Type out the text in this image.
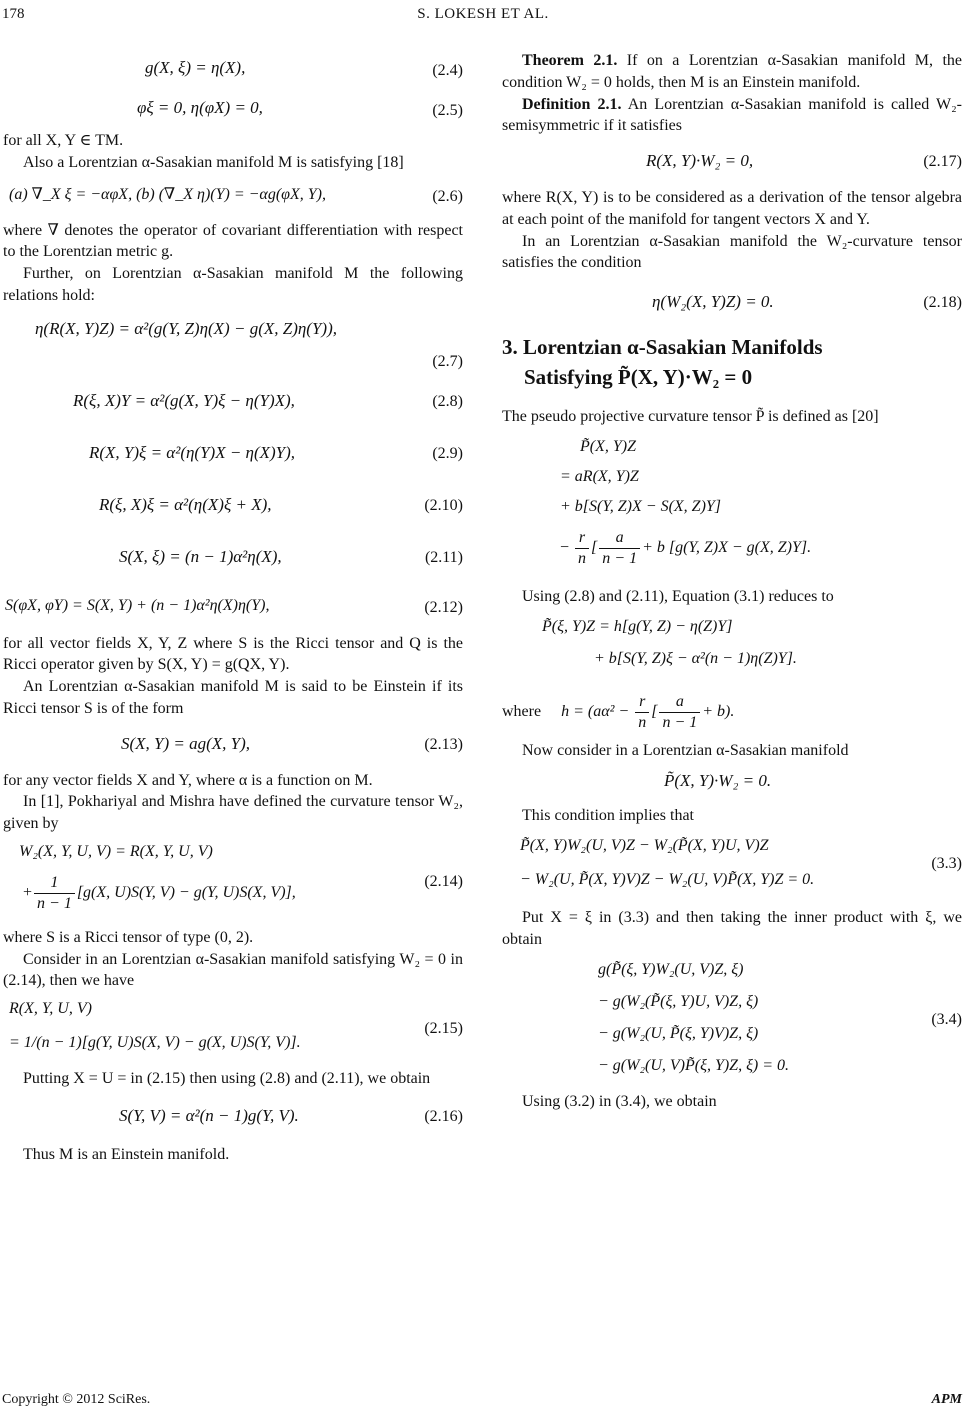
178	S. LOKESH ET AL.
g(X, ξ) = η(X),	(2.4)
φξ = 0, η(φX) = 0,	(2.5)

for all X, Y ∈ TM.

Also a Lorentzian α-Sasakian manifold M is satisfying [18]

(a) ∇_X ξ = −αφX, (b) (∇_X η)(Y) = −αg(φX, Y),	(2.6)

where ∇ denotes the operator of covariant differentiation with respect to the Lorentzian metric g.

Further, on Lorentzian α-Sasakian manifold M the following relations hold:

η(R(X, Y)Z) = α²(g(Y, Z)η(X) − g(X, Z)η(Y)),
(2.7)
R(ξ, X)Y = α²(g(X, Y)ξ − η(Y)X),	(2.8)
R(X, Y)ξ = α²(η(Y)X − η(X)Y),	(2.9)
R(ξ, X)ξ = α²(η(X)ξ + X),	(2.10)
S(X, ξ) = (n − 1)α²η(X),	(2.11)
S(φX, φY) = S(X, Y) + (n − 1)α²η(X)η(Y),	(2.12)

for all vector fields X, Y, Z where S is the Ricci tensor and Q is the Ricci operator given by S(X, Y) = g(QX, Y).

An Lorentzian α-Sasakian manifold M is said to be Einstein if its Ricci tensor S is of the form

S(X, Y) = ag(X, Y),	(2.13)

for any vector fields X and Y, where α is a function on M.

In [1], Pokhariyal and Mishra have defined the curvature tensor W₂, given by

W₂(X, Y, U, V) = R(X, Y, U, V)
+ $\frac{1}{n - 1} [g(X$, U)S(Y, V) − g(Y, U)S(X, V)],
(2.14)

where S is a Ricci tensor of type (0, 2).

Consider in an Lorentzian α-Sasakian manifold satisfying W₂ = 0 in (2.14), then we have

R(X, Y, U, V)
= 1/(n − 1)[g(Y, U)S(X, V) − g(X, U)S(Y, V)].
(2.15)

Putting X = U = in (2.15) then using (2.8) and (2.11), we obtain

S(Y, V) = α²(n − 1)g(Y, V).	(2.16)

Thus M is an Einstein manifold.

Theorem 2.1. If on a Lorentzian α-Sasakian manifold M, the condition W₂ = 0 holds, then M is an Einstein manifold.

Definition 2.1. An Lorentzian α-Sasakian manifold is called W₂-semisymmetric if it satisfies

R(X, Y)·W₂ = 0,	(2.17)

where R(X, Y) is to be considered as a derivation of the tensor algebra at each point of the manifold for tangent vectors X and Y.

In an Lorentzian α-Sasakian manifold the W₂-curvature tensor satisfies the condition

η(W₂(X, Y)Z) = 0.	(2.18)
3. Lorentzian α-Sasakian Manifolds
Satisfying P̃(X, Y)·W₂ = 0

The pseudo projective curvature tensor P̃ is defined as [20]

P̃(X, Y)Z
= aR(X, Y)Z
+ b[S(Y, Z)X − S(X, Z)Y]
− $\frac{r}{n}$ [ $\frac{a}{n - 1} + b$ [g(Y, Z)X − g(X, Z)Y].

Using (2.8) and (2.11), Equation (3.1) reduces to

P̃(ξ, Y)Z = h[g(Y, Z) − η(Z)Y]
+ b[S(Y, Z)ξ − α²(n − 1)η(Z)Y].
where $h = (a\alpha^2 - \frac{r}{n}$ [ $\frac{a}{n - 1} + b$).

Now consider in a Lorentzian α-Sasakian manifold

P̃(X, Y)·W₂ = 0.

This condition implies that

P̃(X, Y)W₂(U, V)Z − W₂(P̃(X, Y)U, V)Z
− W₂(U, P̃(X, Y)V)Z − W₂(U, V)P̃(X, Y)Z = 0.
(3.3)

Put X = ξ in (3.3) and then taking the inner product with ξ, we obtain

g(P̃(ξ, Y)W₂(U, V)Z, ξ)
− g(W₂(P̃(ξ, Y)U, V)Z, ξ)
− g(W₂(U, P̃(ξ, Y)V)Z, ξ)
− g(W₂(U, V)P̃(ξ, Y)Z, ξ) = 0.
(3.4)

Using (3.2) in (3.4), we obtain

Copyright © 2012 SciRes.	APM
